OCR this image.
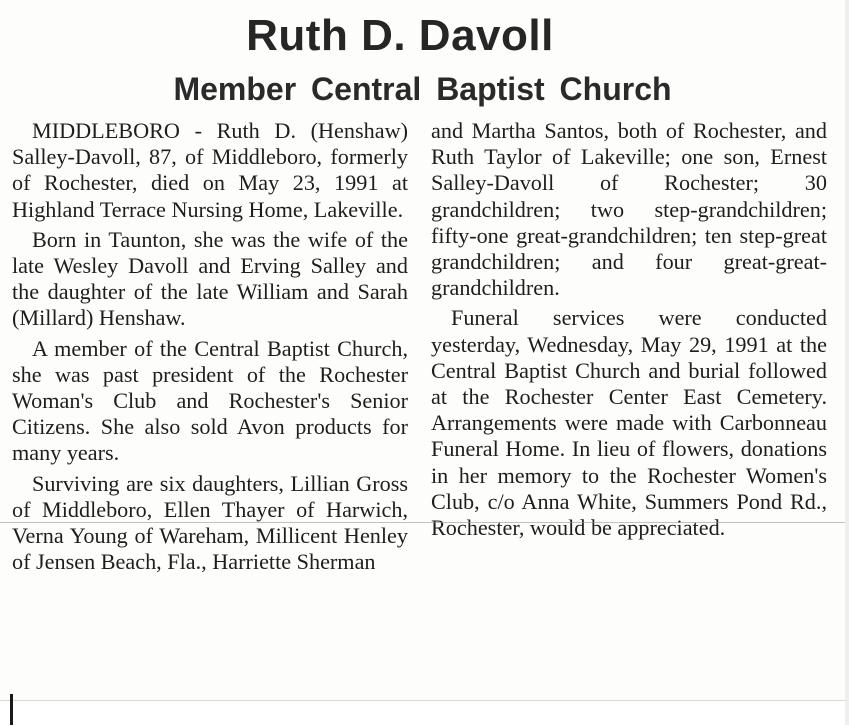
Ruth D. Davoll
Member Central Baptist Church

MIDDLEBORO - Ruth D. (Henshaw) Salley-Davoll, 87, of Middleboro, formerly of Rochester, died on May 23, 1991 at Highland Terrace Nursing Home, Lakeville.

Born in Taunton, she was the wife of the late Wesley Davoll and Erving Salley and the daughter of the late William and Sarah (Millard) Henshaw.

A member of the Central Baptist Church, she was past president of the Rochester Woman's Club and Rochester's Senior Citizens. She also sold Avon products for many years.

Surviving are six daughters, Lillian Gross of Middleboro, Ellen Thayer of Harwich, Verna Young of Wareham, Millicent Henley of Jensen Beach, Fla., Harriette Sherman

and Martha Santos, both of Rochester, and Ruth Taylor of Lakeville; one son, Ernest Salley-Davoll of Rochester; 30 grandchildren; two step-grandchildren; fifty-one great-grandchildren; ten step-great grandchildren; and four great-great-grandchildren.

Funeral services were conducted yesterday, Wednesday, May 29, 1991 at the Central Baptist Church and burial followed at the Rochester Center East Cemetery. Arrangements were made with Carbonneau Funeral Home. In lieu of flowers, donations in her memory to the Rochester Women's Club, c/o Anna White, Summers Pond Rd., Rochester, would be appreciated.
